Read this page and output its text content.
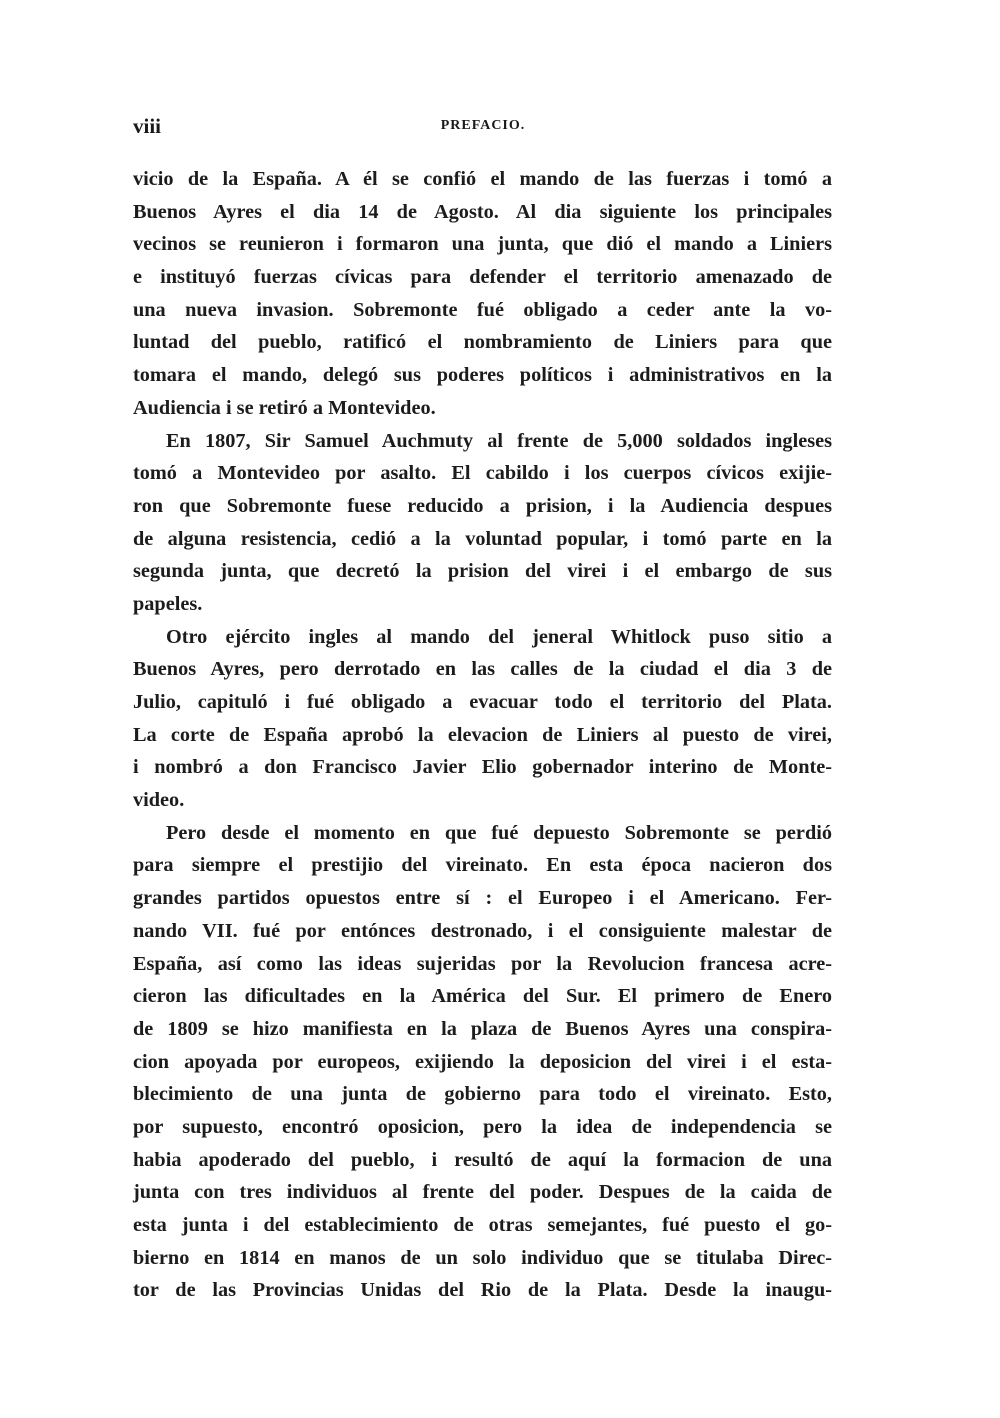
viii	PREFACIO.
vicio de la España. A él se confió el mando de las fuerzas i tomó a
Buenos Ayres el dia 14 de Agosto. Al dia siguiente los principales
vecinos se reunieron i formaron una junta, que dió el mando a Liniers
e instituyó fuerzas cívicas para defender el territorio amenazado de
una nueva invasion. Sobremonte fué obligado a ceder ante la vo-
luntad del pueblo, ratificó el nombramiento de Liniers para que
tomara el mando, delegó sus poderes políticos i administrativos en la
Audiencia i se retiró a Montevideo.
En 1807, Sir Samuel Auchmuty al frente de 5,000 soldados ingleses
tomó a Montevideo por asalto. El cabildo i los cuerpos cívicos exijie-
ron que Sobremonte fuese reducido a prision, i la Audiencia despues
de alguna resistencia, cedió a la voluntad popular, i tomó parte en la
segunda junta, que decretó la prision del virei i el embargo de sus
papeles.
Otro ejército ingles al mando del jeneral Whitlock puso sitio a
Buenos Ayres, pero derrotado en las calles de la ciudad el dia 3 de
Julio, capituló i fué obligado a evacuar todo el territorio del Plata.
La corte de España aprobó la elevacion de Liniers al puesto de virei,
i nombró a don Francisco Javier Elio gobernador interino de Monte-
video.
Pero desde el momento en que fué depuesto Sobremonte se perdió
para siempre el prestijio del vireinato. En esta época nacieron dos
grandes partidos opuestos entre sí : el Europeo i el Americano. Fer-
nando VII. fué por entónces destronado, i el consiguiente malestar de
España, así como las ideas sujeridas por la Revolucion francesa acre-
cieron las dificultades en la América del Sur. El primero de Enero
de 1809 se hizo manifiesta en la plaza de Buenos Ayres una conspira-
cion apoyada por europeos, exijiendo la deposicion del virei i el esta-
blecimiento de una junta de gobierno para todo el vireinato. Esto,
por supuesto, encontró oposicion, pero la idea de independencia se
habia apoderado del pueblo, i resultó de aquí la formacion de una
junta con tres individuos al frente del poder. Despues de la caida de
esta junta i del establecimiento de otras semejantes, fué puesto el go-
bierno en 1814 en manos de un solo individuo que se titulaba Direc-
tor de las Provincias Unidas del Rio de la Plata. Desde la inaugu-
